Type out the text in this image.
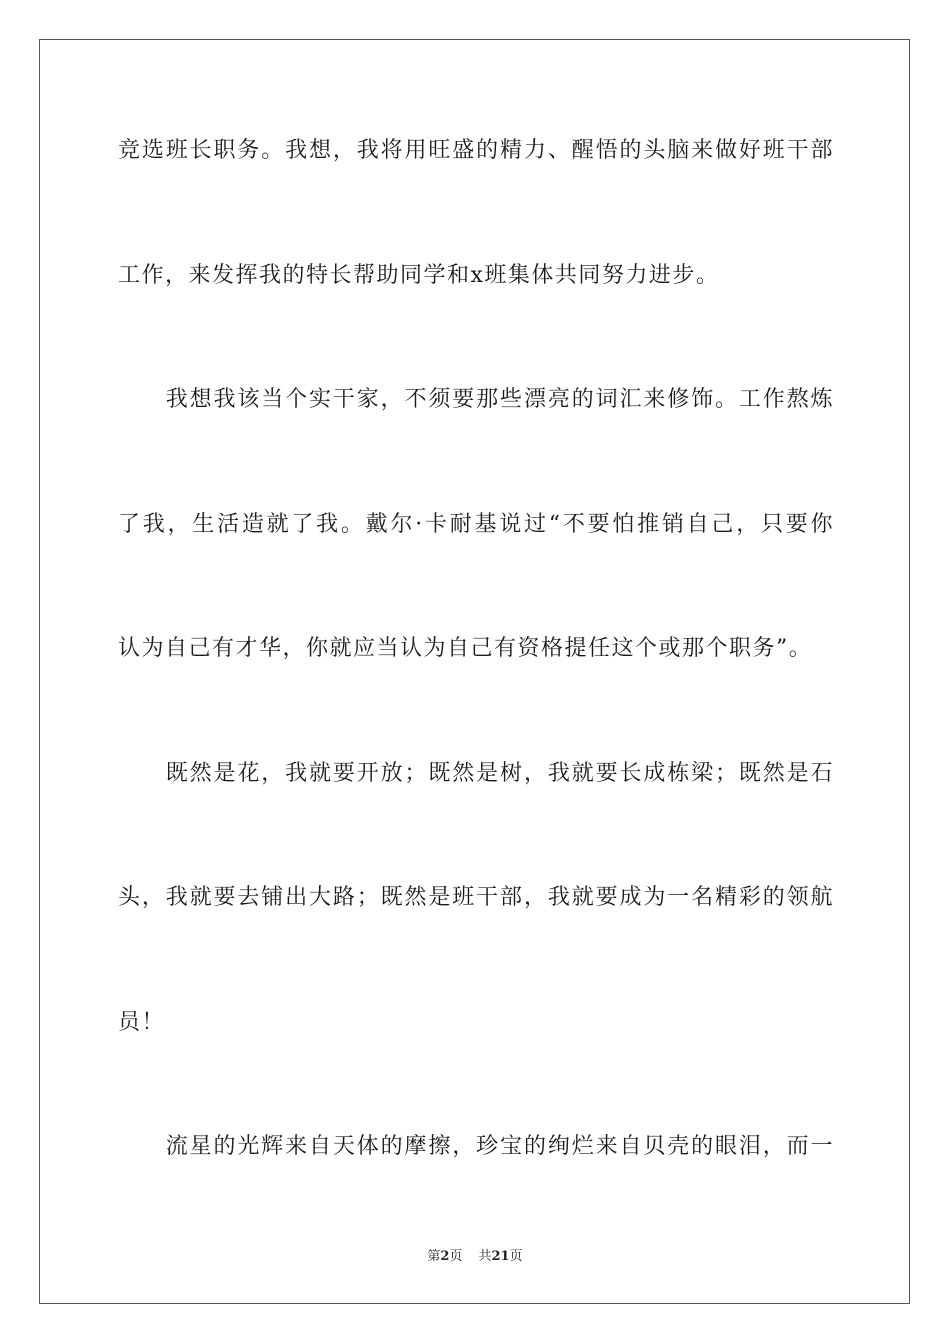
竞选班长职务。我想，我将用旺盛的精力、醒悟的头脑来做好班干部
工作，来发挥我的特长帮助同学和x班集体共同努力进步。
　　我想我该当个实干家，不须要那些漂亮的词汇来修饰。工作熬炼
了我，生活造就了我。戴尔·卡耐基说过“不要怕推销自己，只要你
认为自己有才华，你就应当认为自己有资格提任这个或那个职务”。
　　既然是花，我就要开放；既然是树，我就要长成栋梁；既然是石
头，我就要去铺出大路；既然是班干部，我就要成为一名精彩的领航
员！
　　流星的光辉来自天体的摩擦，珍宝的绚烂来自贝壳的眼泪，而一
第2页 共21页
